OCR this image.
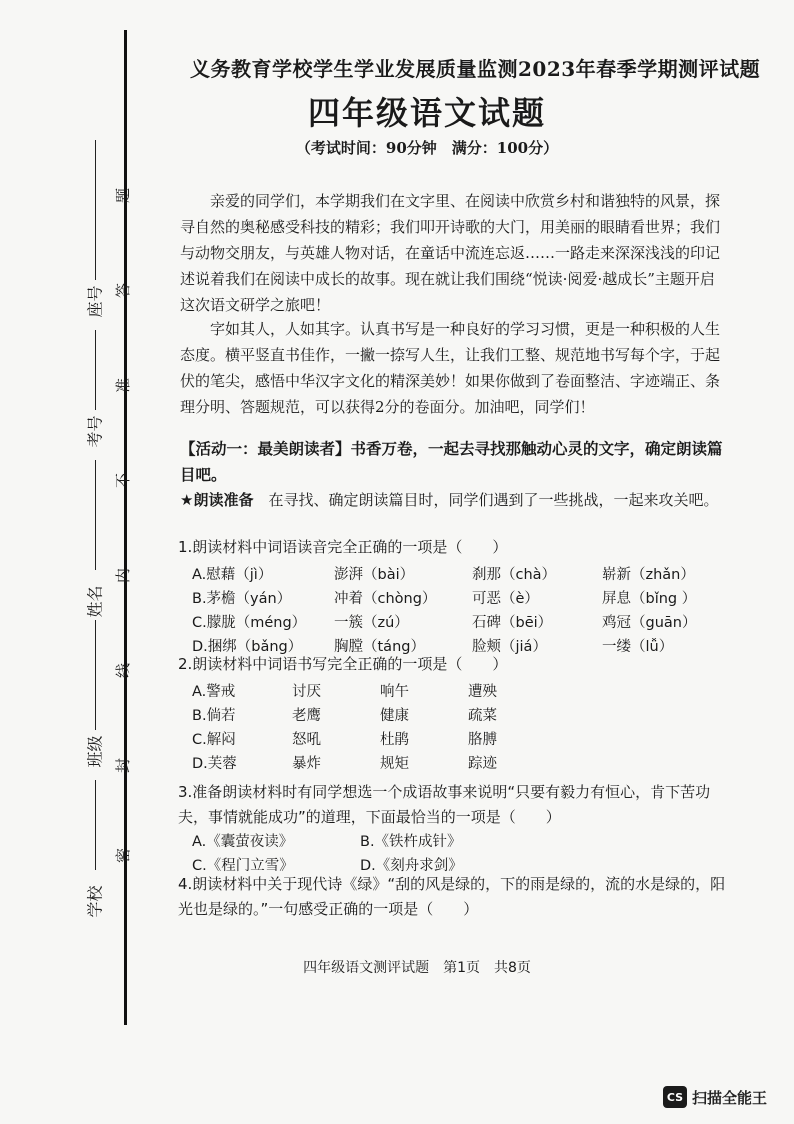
题
答
准
不
内
线
封
密
座号
考号
姓名
班级
学校
义务教育学校学生学业发展质量监测2023年春季学期测评试题
四年级语文试题
（考试时间：90分钟　满分：100分）
亲爱的同学们，本学期我们在文字里、在阅读中欣赏乡村和谐独特的风景，探寻自然的奥秘感受科技的精彩；我们叩开诗歌的大门，用美丽的眼睛看世界；我们与动物交朋友，与英雄人物对话，在童话中流连忘返……一路走来深深浅浅的印记述说着我们在阅读中成长的故事。现在就让我们围绕“悦读·阅爱·越成长”主题开启这次语文研学之旅吧！
字如其人，人如其字。认真书写是一种良好的学习习惯，更是一种积极的人生态度。横平竖直书佳作，一撇一捺写人生，让我们工整、规范地书写每个字，于起伏的笔尖，感悟中华汉字文化的精深美妙！如果你做到了卷面整洁、字迹端正、条理分明、答题规范，可以获得2分的卷面分。加油吧，同学们！
【活动一：最美朗读者】书香万卷，一起去寻找那触动心灵的文字，确定朗读篇目吧。
★朗读准备　 在寻找、确定朗读篇目时，同学们遇到了一些挑战，一起来攻关吧。
1.朗读材料中词语读音完全正确的一项是（　　）
A.慰藉（jì）	澎湃（bài）	刹那（chà）	崭新（zhǎn）
B.茅檐（yán）	冲着（chòng） 可恶（è）	屏息（bǐng ）
C.朦胧（méng） 一簇（zú）	石碑（bēi）	鸡冠（guān）
D.捆绑（bǎng） 胸膛（táng）	脸颊（jiá）	一缕（lǚ）
2.朗读材料中词语书写完全正确的一项是（　　）
A.警戒	讨厌	响午	遭殃
B.倘若	老鹰	健康	疏菜
C.解闷	怒吼	杜鹃	胳膊
D.芙蓉	暴炸	规矩	踪迹
3.准备朗读材料时有同学想选一个成语故事来说明“只要有毅力有恒心，肯下苦功夫，事情就能成功”的道理，下面最恰当的一项是（　　）
A.《囊萤夜读》	B.《铁杵成针》
C.《程门立雪》	D.《刻舟求剑》
4.朗读材料中关于现代诗《绿》“刮的风是绿的，下的雨是绿的，流的水是绿的，阳光也是绿的。”一句感受正确的一项是（　　）
四年级语文测评试题　第1页　共8页
CS 扫描全能王
